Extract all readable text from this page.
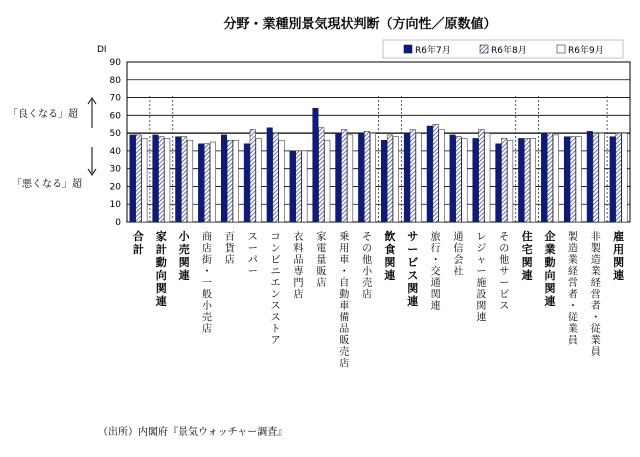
分野・業種別景気現状判断（方向性／原数値）
DI
0
10
20
30
40
50
60
70
80
90
合計
家計動向関連
小売関連
商店街・一般小売店
百貨店
スーパー
コンビニエンスストア
衣料品専門店
家電量販店
乗用車・自動車備品販売店
その他小売店
飲食関連
サービス関連
旅行・交通関連
通信会社
レジャー施設関連
その他サービス
住宅関連
企業動向関連
製造業経営者・従業員
非製造業経営者・従業員
雇用関連
R6年7月	R6年8月	R6年9月
「良くなる」超
「悪くなる」超
（出所）内閣府『景気ウォッチャー調査』
